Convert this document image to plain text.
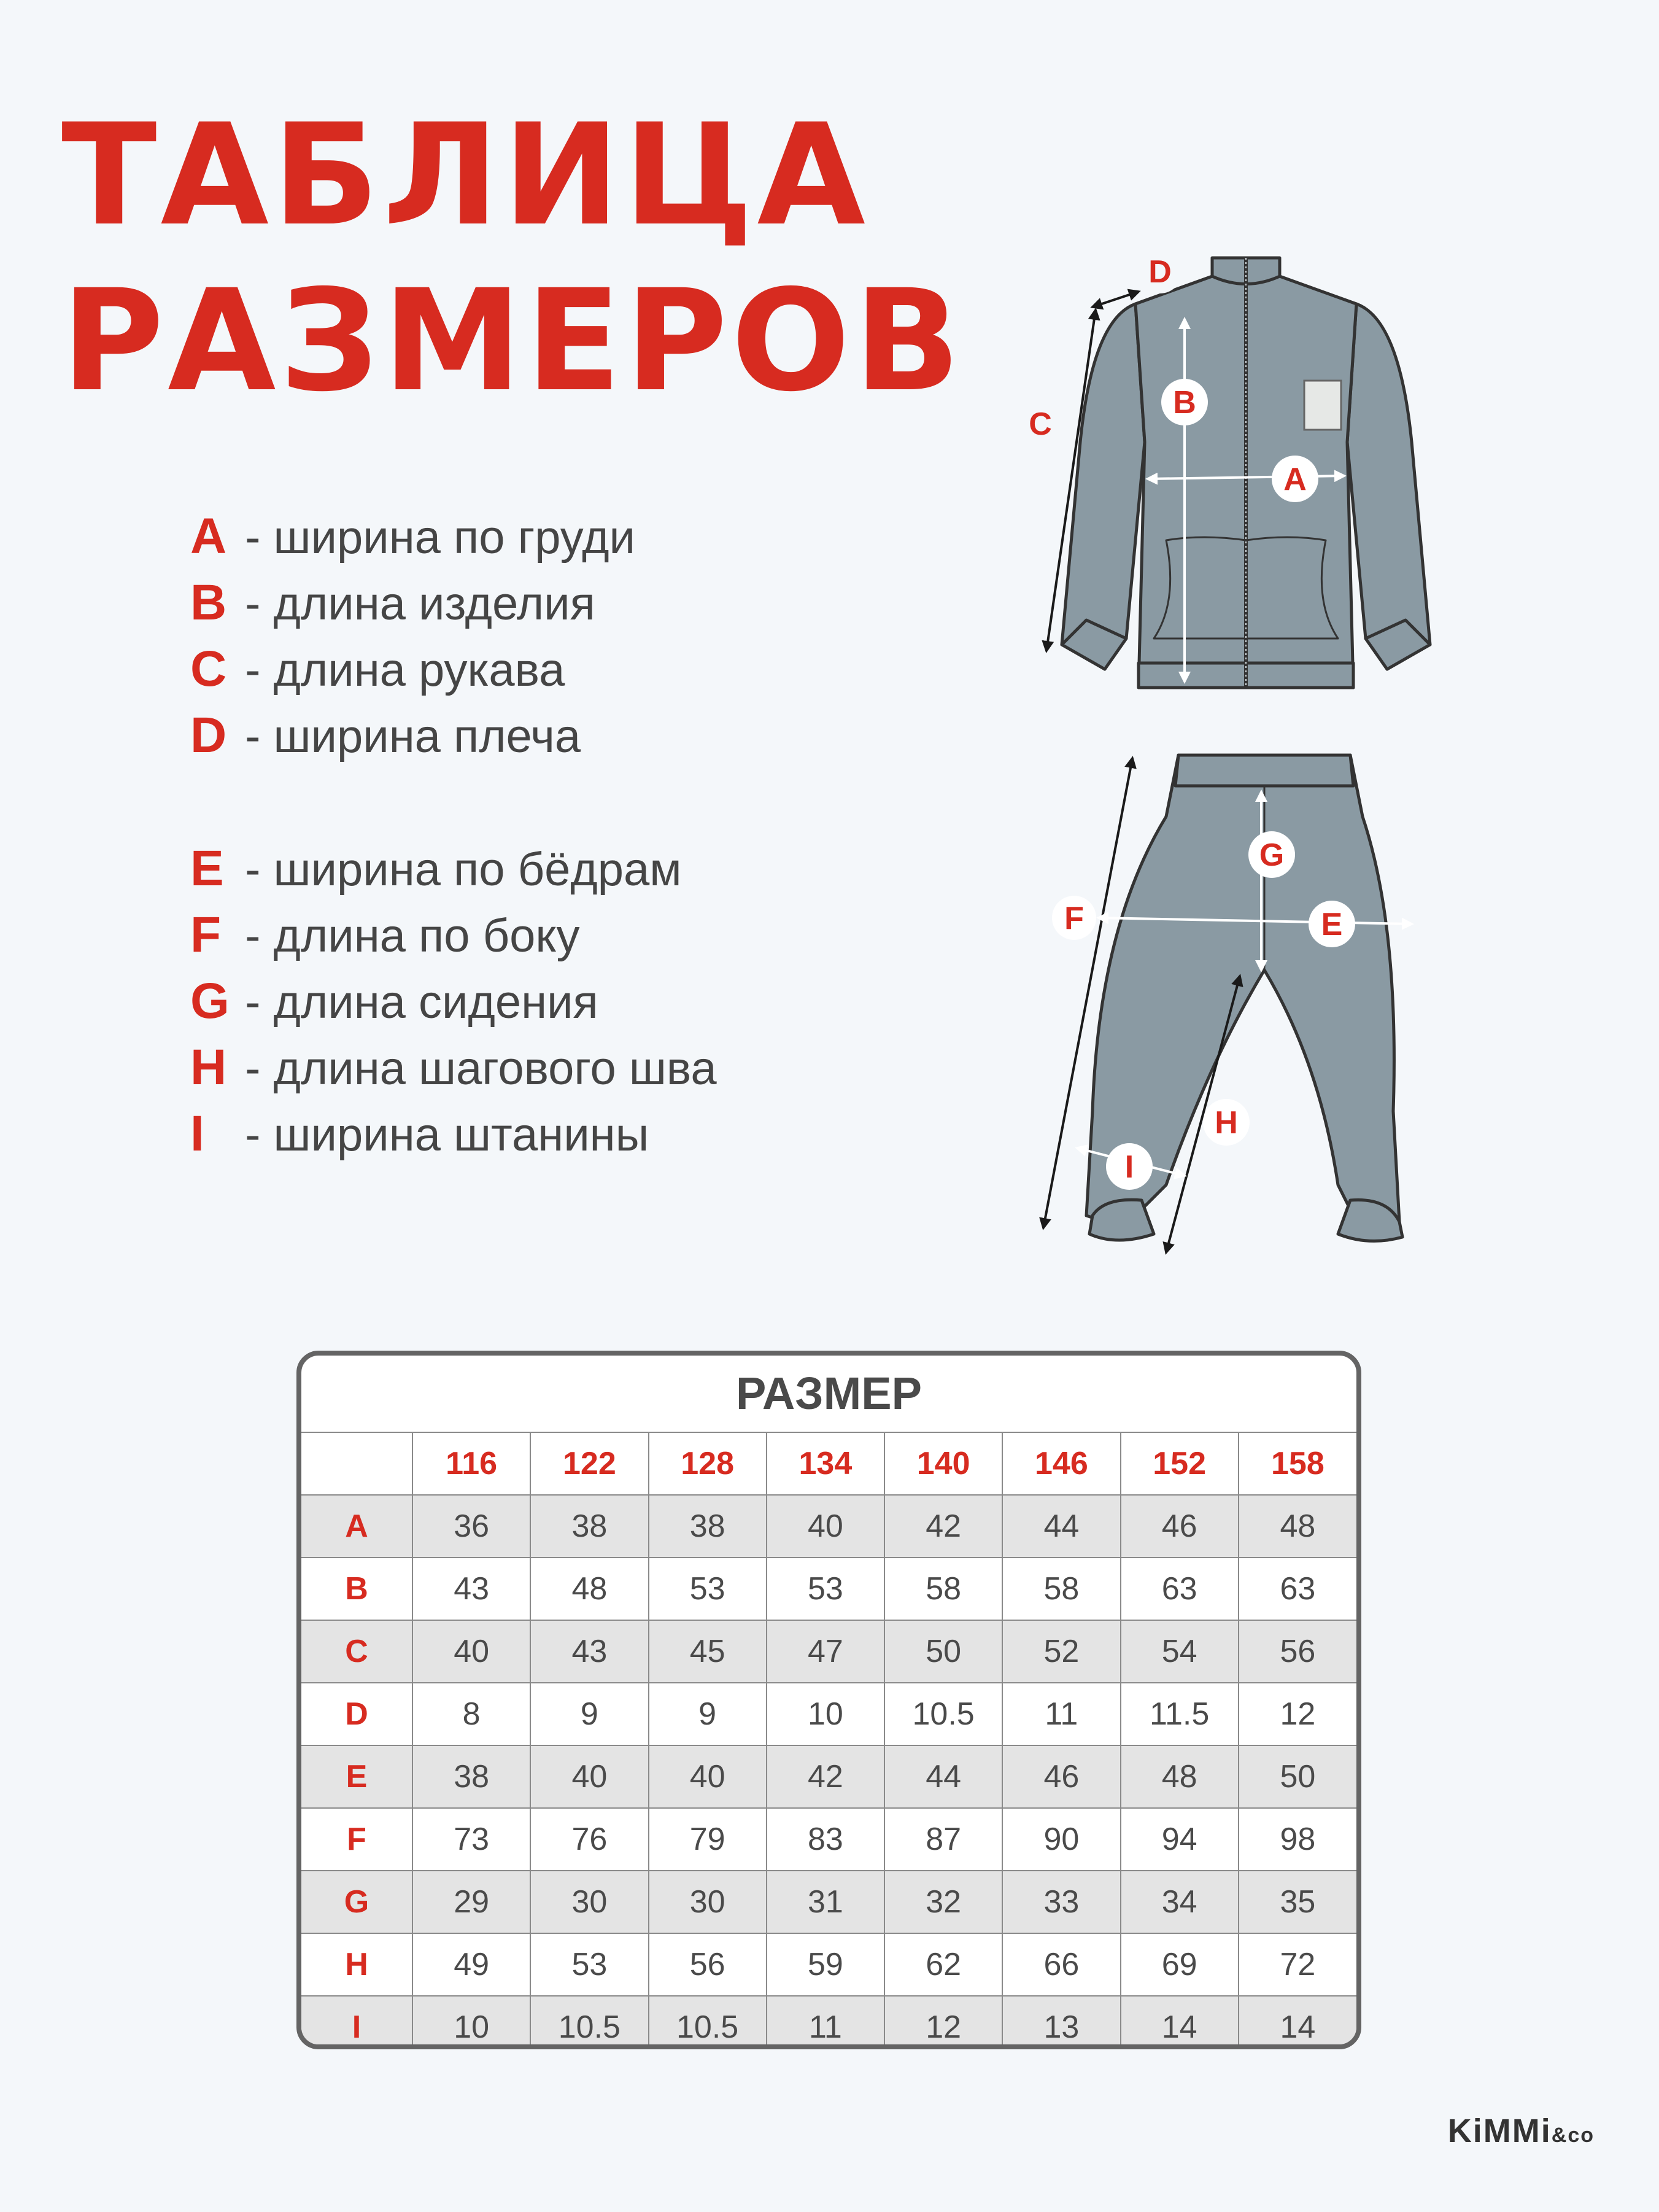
ТАБЛИЦА
РАЗМЕРОВ
A - ширина по груди
B - длина изделия
C - длина рукава
D - ширина плеча
E - ширина по бёдрам
F - длина по боку
G - длина сидения
H - длина шагового шва
I - ширина штанины
A
B
C
D
E
F
G
H
I
РАЗМЕР
	116	122	128	134	140	146	152	158
A	36	38	38	40	42	44	46	48
B	43	48	53	53	58	58	63	63
C	40	43	45	47	50	52	54	56
D	8	9	9	10	10.5	11	11.5	12
E	38	40	40	42	44	46	48	50
F	73	76	79	83	87	90	94	98
G	29	30	30	31	32	33	34	35
H	49	53	56	59	62	66	69	72
I	10	10.5	10.5	11	12	13	14	14
KiMMi&co
